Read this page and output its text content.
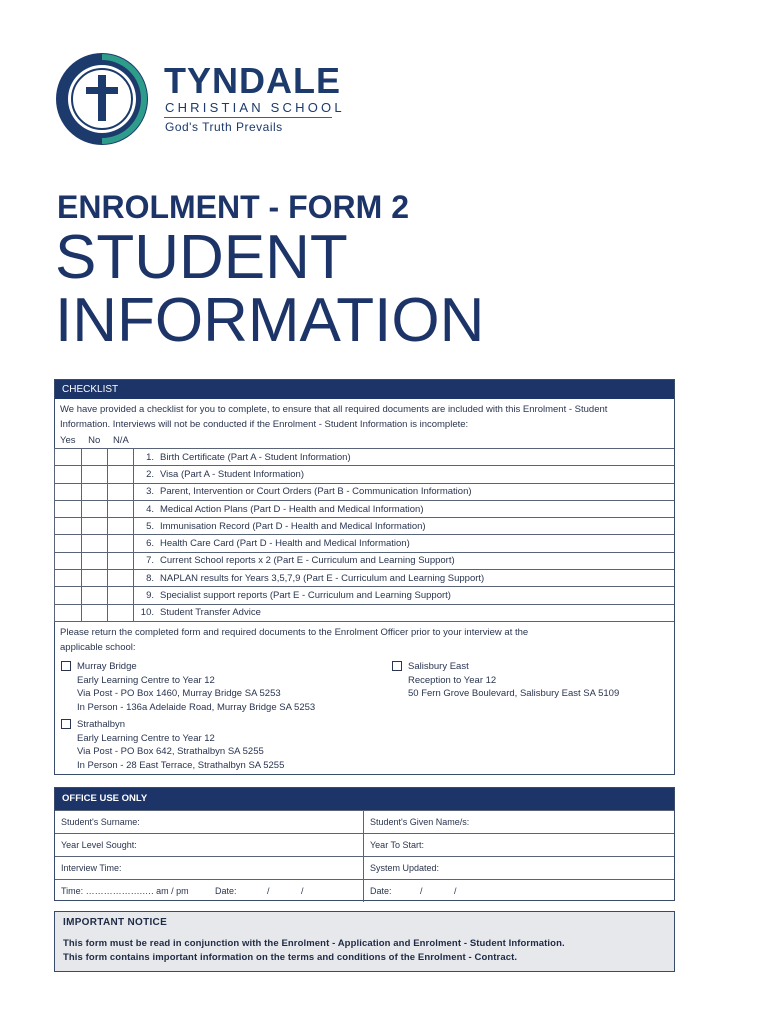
TYNDALE
CHRISTIAN SCHOOL
God's Truth Prevails
ENROLMENT - FORM 2
STUDENT
INFORMATION
CHECKLIST
We have provided a checklist for you to complete, to ensure that all required documents are included with this Enrolment - Student
Information. Interviews will not be conducted if the Enrolment - Student Information is incomplete:
Yes No N/A
			1. Birth Certificate (Part A - Student Information)
			2. Visa (Part A - Student Information)
			3. Parent, Intervention or Court Orders (Part B - Communication Information)
			4. Medical Action Plans (Part D - Health and Medical Information)
			5. Immunisation Record (Part D - Health and Medical Information)
			6. Health Care Card (Part D - Health and Medical Information)
			7. Current School reports x 2 (Part E - Curriculum and Learning Support)
			8. NAPLAN results for Years 3,5,7,9 (Part E - Curriculum and Learning Support)
			9. Specialist support reports (Part E - Curriculum and Learning Support)
			10. Student Transfer Advice
Please return the completed form and required documents to the Enrolment Officer prior to your interview at the
applicable school:
Murray Bridge
Early Learning Centre to Year 12
Via Post - PO Box 1460, Murray Bridge SA 5253
In Person - 136a Adelaide Road, Murray Bridge SA 5253
Salisbury East
Reception to Year 12
50 Fern Grove Boulevard, Salisbury East SA 5109
Strathalbyn
Early Learning Centre to Year 12
Via Post - PO Box 642, Strathalbyn SA 5255
In Person - 28 East Terrace, Strathalbyn SA 5255
OFFICE USE ONLY
Student's Surname:	Student's Given Name/s:
Year Level Sought:	Year To Start:
Interview Time:	System Updated:
Time: ……………….…. am / pm	Date:	/	/	Date:	/	/
IMPORTANT NOTICE
This form must be read in conjunction with the Enrolment - Application and Enrolment - Student Information.
This form contains important information on the terms and conditions of the Enrolment - Contract.
